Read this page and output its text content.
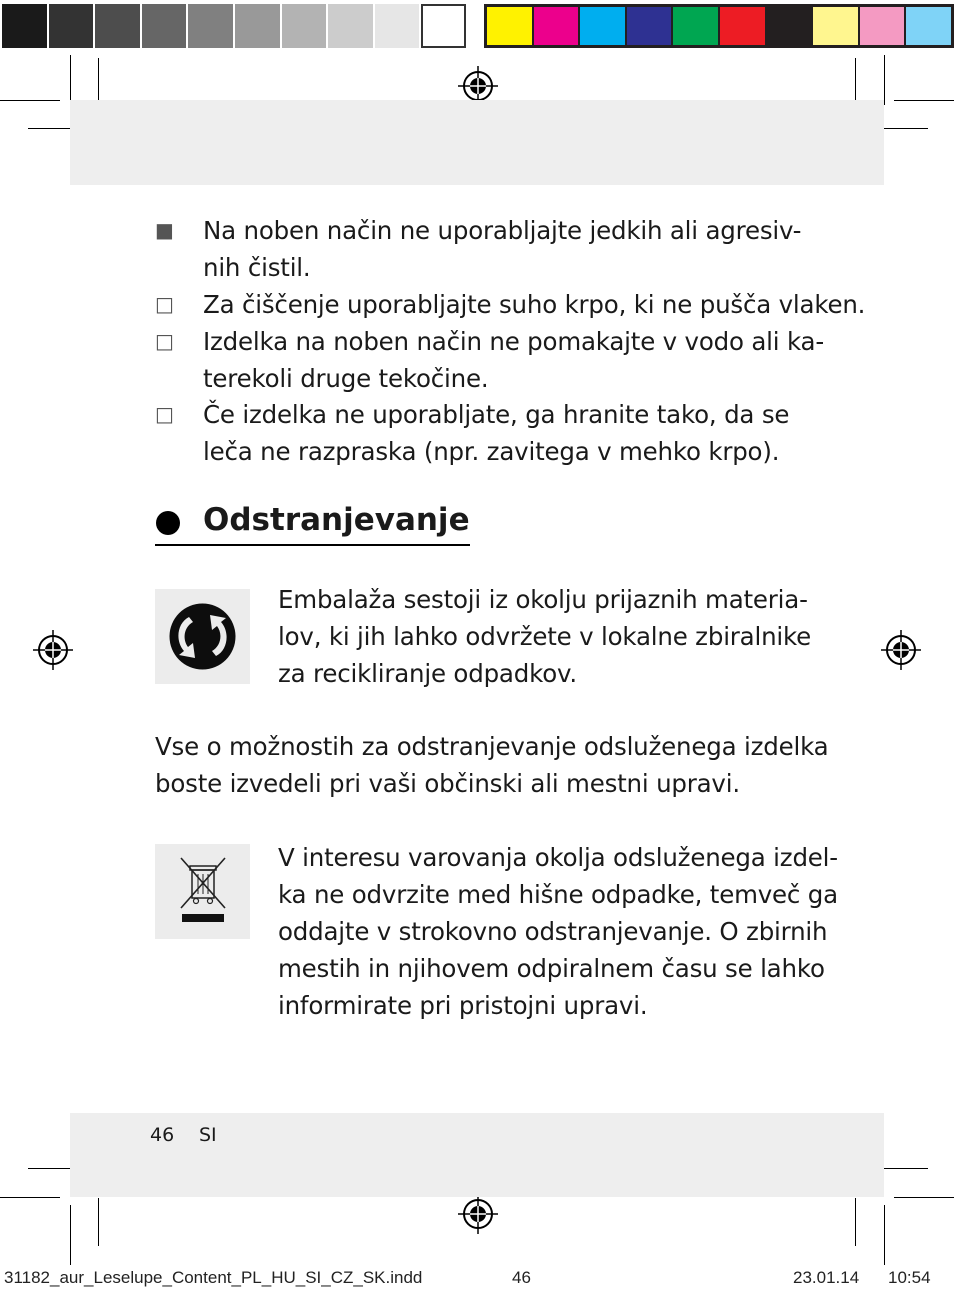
■ Na noben način ne uporabljajte jedkih ali agresiv-
nih čistil.
□ Za čiščenje uporabljajte suho krpo, ki ne pušča vlaken.
□ Izdelka na noben način ne pomakajte v vodo ali ka-
terekoli druge tekočine.
□ Če izdelka ne uporabljate, ga hranite tako, da se
leča ne razpraska (npr. zavitega v mehko krpo).
Odstranjevanje
Embalaža sestoji iz okolju prijaznih materia-
lov, ki jih lahko odvržete v lokalne zbiralnike
za recikliranje odpadkov.
Vse o možnostih za odstranjevanje odsluženega izdelka
boste izvedeli pri vaši občinski ali mestni upravi.
V interesu varovanja okolja odsluženega izdel-
ka ne odvrzite med hišne odpadke, temveč ga
oddajte v strokovno odstranjevanje. O zbirnih
mestih in njihovem odpiralnem času se lahko
informirate pri pristojni upravi.
46 SI
31182_aur_Leselupe_Content_PL_HU_SI_CZ_SK.indd	46	23.01.14 10:54
